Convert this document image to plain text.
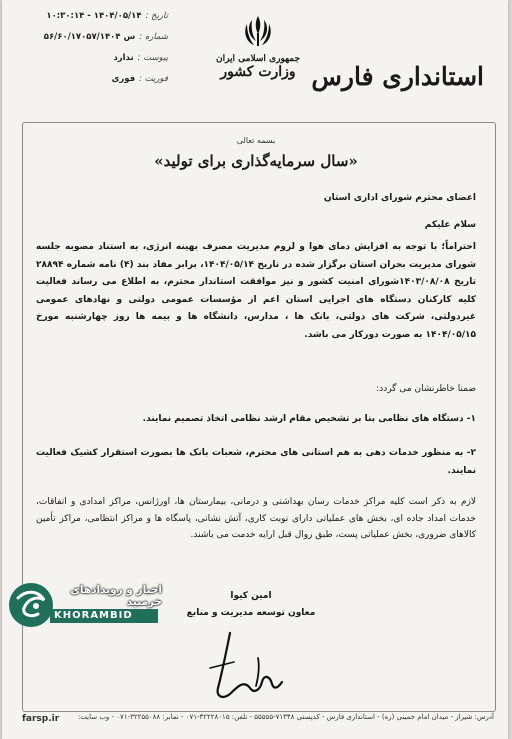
تاریخ :
۱۴۰۴/۰۵/۱۴ - ۱۰:۳۰:۱۴
شماره :
س ۵۶/۶۰/۱۷۰۵۷/۱۴۰۴
پیوست :
ندارد
فوریت :
فوری
جمهوری اسلامی ایران
وزارت کشور استانداری فارس
بسمه تعالی
«سال سرمایه‌گذاری برای تولید»
اعضای محترم شورای اداری استان
سلام علیکم
احتراماً؛ با توجه به افزایش دمای هوا و لزوم مدیریت مصرف بهینه انرژی، به استناد مصوبه جلسه شورای مدیریت بحران استان برگزار شده در تاریخ ۱۴۰۴/۰۵/۱۴، برابر مفاد بند (۴) نامه شماره ۲۸۸۹۴ تاریخ ۱۴۰۳/۰۸/۰۸شورای امنیت کشور و نیز موافقت استاندار محترم، به اطلاع می رساند فعالیت کلیه کارکنان دستگاه های اجرایی استان اعم از مؤسسات عمومی دولتی و نهادهای عمومی غیردولتی، شرکت های دولتی، بانک ها ، مدارس، دانشگاه ها و بیمه ها روز چهارشنبه مورخ ۱۴۰۴/۰۵/۱۵ به صورت دورکار می باشد.
ضمنا خاطرنشان می گردد:
۱- دستگاه های نظامی بنا بر تشخیص مقام ارشد نظامی اتخاذ تصمیم نمایند.
۲- به منظور خدمات دهی به هم استانی های محترم، شعبات بانک ها بصورت استقرار کشیک فعالیت نمایند.
لازم به ذکر است کلیه مراکز خدمات رسان بهداشتی و درمانی، بیمارستان ها، اورژانس، مراکز امدادی و اتفاقات، خدمات امداد جاده ای، بخش های عملیاتی دارای نوبت کاری، آتش نشانی، پاسگاه ها و مراکز انتظامی، مراکز تأمین کالاهای ضروری، بخش عملیاتی پست، طبق روال قبل ارایه خدمت می باشند.
امین کیوا
معاون توسعه مدیریت و منابع
اخبار و رویدادهای خرمبید
KHORAMBID
farsp.ir	آدرس: شیراز - میدان امام خمینی (ره) - استانداری فارس - کدپستی ۷۱۳۴۸-۵۵۵۵۵ - تلفن: ۳۲۲۲۸۰۱۵-۰۷۱ - نمابر: ۳۲۲۵۵۰۸۸-۰۷۱ - وب سایت:
